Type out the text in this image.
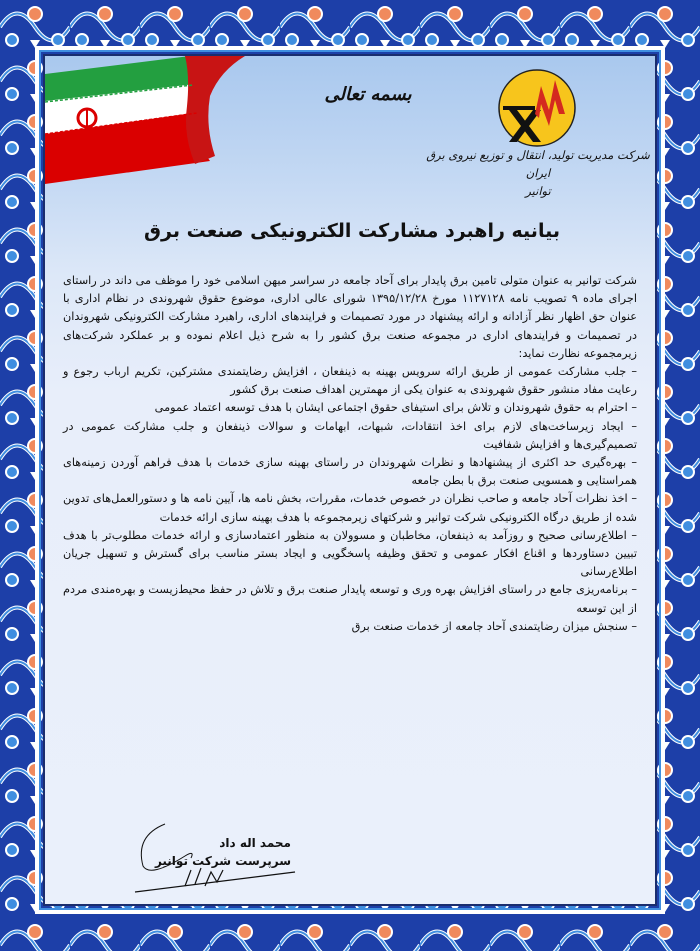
بسمه تعالی
شرکت مدیریت تولید، انتقال و توزیع نیروی برق ایران
توانیر
بیانیه راهبرد مشارکت الکترونیکی صنعت برق

شرکت توانیر به عنوان متولی تامین برق پایدار برای آحاد جامعه در سراسر میهن اسلامی خود را موظف می داند در راستای اجرای ماده ۹ تصویب نامه ۱۱۲۷۱۲۸ مورخ ۱۳۹۵/۱۲/۲۸ شورای عالی اداری، موضوع حقوق شهروندی در نظام اداری با عنوان حق اظهار نظر آزادانه و ارائه پیشنهاد در مورد تصمیمات و فرایندهای اداری، راهبرد مشارکت الکترونیکی شهروندان در تصمیمات و فرایندهای اداری در مجموعه صنعت برق کشور را به شرح ذیل اعلام نموده و بر عملکرد شرکت‌های زیرمجموعه نظارت نماید:

– جلب مشارکت عمومی از طریق ارائه سرویس بهینه به ذینفعان ، افزایش رضایتمندی مشترکین، تکریم ارباب رجوع و رعایت مفاد منشور حقوق شهروندی به عنوان یکی از مهمترین اهداف صنعت برق کشور

– احترام به حقوق شهروندان و تلاش برای استیفای حقوق اجتماعی ایشان با هدف توسعه اعتماد عمومی

– ایجاد زیرساخت‌های لازم برای اخذ انتقادات، شبهات، ابهامات و سوالات ذینفعان و جلب مشارکت عمومی در تصمیم‌گیری‌ها و افزایش شفافیت

– بهره‌گیری حد اکثری از پیشنهادها و نظرات شهروندان در راستای بهینه سازی خدمات با هدف فراهم آوردن زمینه‌های همراستایی و همسویی صنعت برق با بطن جامعه

– اخذ نظرات آحاد جامعه و صاحب نظران در خصوص خدمات، مقررات، بخش نامه ها، آیین نامه ها و دستورالعمل‌های تدوین شده از طریق درگاه الکترونیکی شرکت توانیر و شرکتهای زیرمجموعه با هدف بهینه سازی ارائه خدمات

– اطلاع‌رسانی صحیح و روزآمد به ذینفعان، مخاطبان و مسوولان به منظور اعتمادسازی و ارائه خدمات مطلوب‌تر با هدف تبیین دستاوردها و اقناع افکار عمومی و تحقق وظیفه پاسخگویی و ایجاد بستر مناسب برای گسترش و تسهیل جریان اطلاع‌رسانی

– برنامه‌ریزی جامع در راستای افزایش بهره وری و توسعه پایدار صنعت برق و تلاش در حفظ محیط‌زیست و بهره‌مندی مردم از این توسعه

– سنجش میزان رضایتمندی آحاد جامعه از خدمات صنعت برق

محمد اله داد
سرپرست شرکت توانیر
